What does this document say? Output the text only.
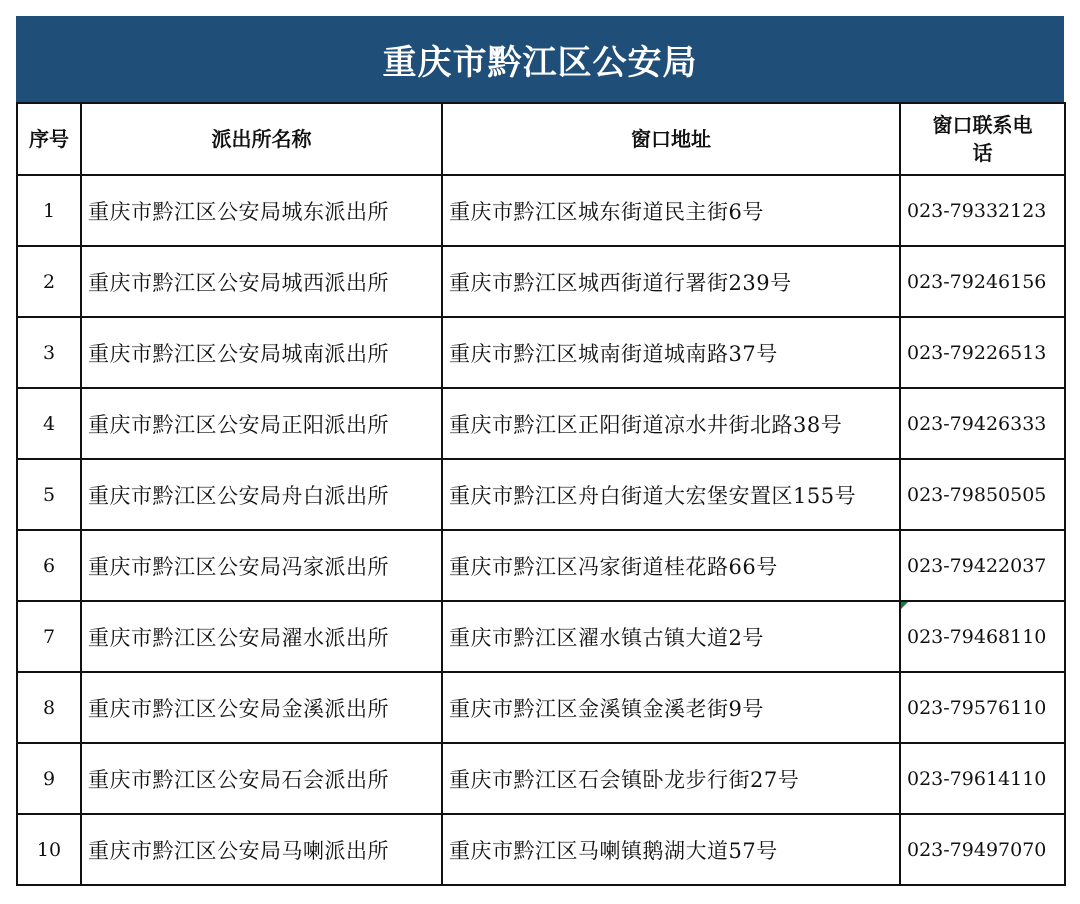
重庆市黔江区公安局
序号	派出所名称	窗口地址	窗口联系电话
1	重庆市黔江区公安局城东派出所	重庆市黔江区城东街道民主街6号	023-79332123
2	重庆市黔江区公安局城西派出所	重庆市黔江区城西街道行署街239号	023-79246156
3	重庆市黔江区公安局城南派出所	重庆市黔江区城南街道城南路37号	023-79226513
4	重庆市黔江区公安局正阳派出所	重庆市黔江区正阳街道凉水井街北路38号	023-79426333
5	重庆市黔江区公安局舟白派出所	重庆市黔江区舟白街道大宏堡安置区155号	023-79850505
6	重庆市黔江区公安局冯家派出所	重庆市黔江区冯家街道桂花路66号	023-79422037
7	重庆市黔江区公安局濯水派出所	重庆市黔江区濯水镇古镇大道2号	023-79468110
8	重庆市黔江区公安局金溪派出所	重庆市黔江区金溪镇金溪老街9号	023-79576110
9	重庆市黔江区公安局石会派出所	重庆市黔江区石会镇卧龙步行街27号	023-79614110
10	重庆市黔江区公安局马喇派出所	重庆市黔江区马喇镇鹅湖大道57号	023-79497070
